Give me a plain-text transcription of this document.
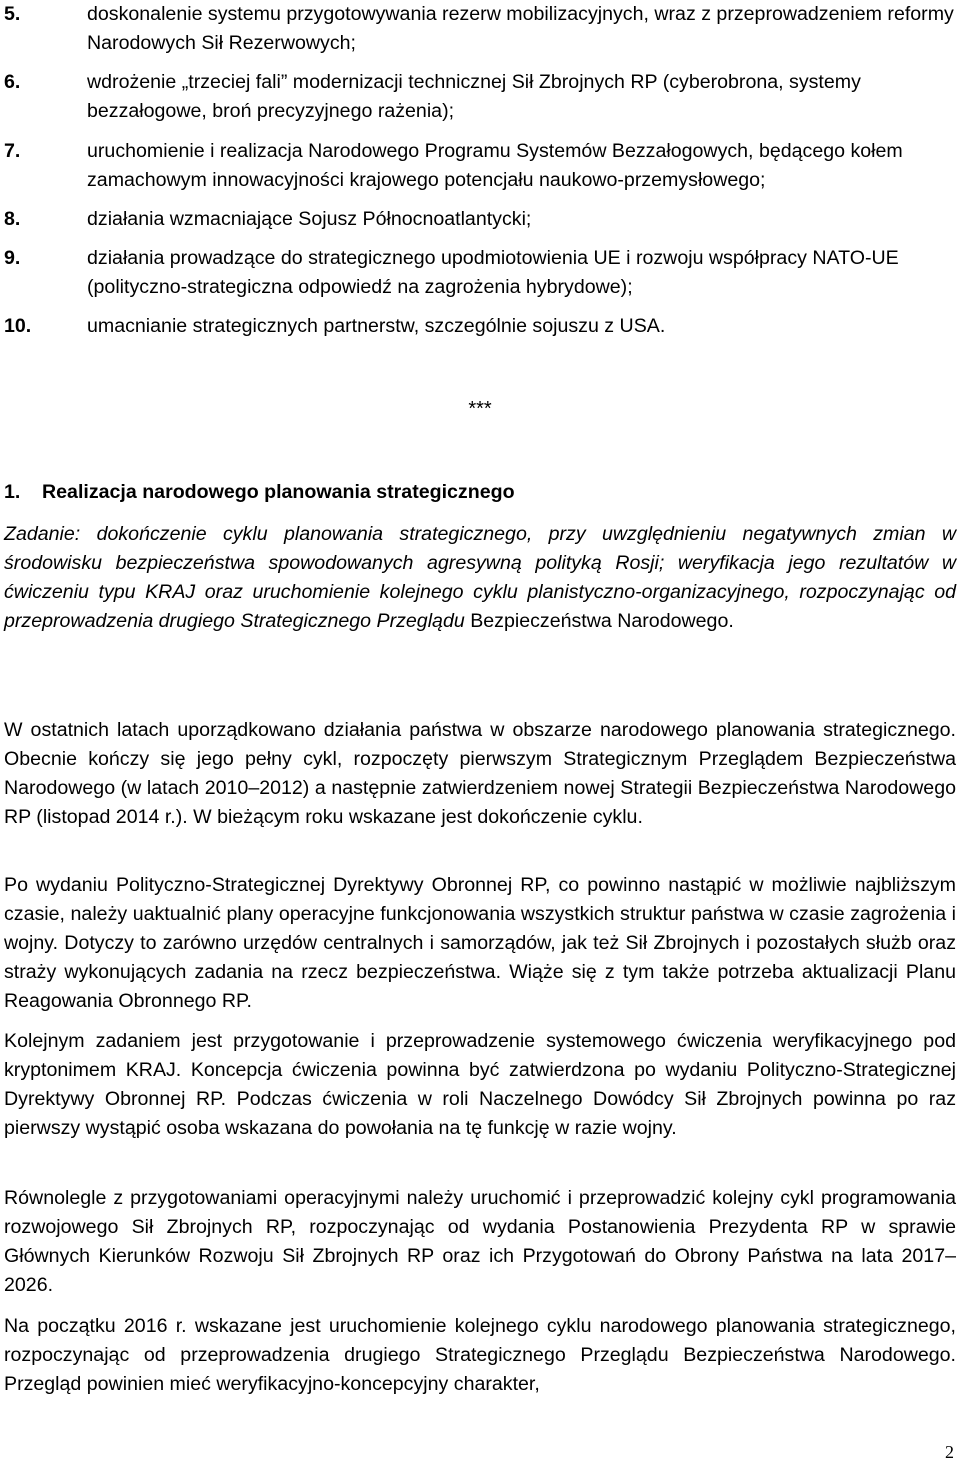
5.	doskonalenie systemu przygotowywania rezerw mobilizacyjnych, wraz z przeprowadzeniem reformy Narodowych Sił Rezerwowych;
6.	wdrożenie „trzeciej fali” modernizacji technicznej Sił Zbrojnych RP (cyberobrona, systemy bezzałogowe, broń precyzyjnego rażenia);
7.	uruchomienie i realizacja Narodowego Programu Systemów Bezzałogowych, będącego kołem zamachowym innowacyjności krajowego potencjału naukowo-przemysłowego;
8.	działania wzmacniające Sojusz Północnoatlantycki;
9.	działania prowadzące do strategicznego upodmiotowienia UE i rozwoju współpracy NATO-UE (polityczno-strategiczna odpowiedź na zagrożenia hybrydowe);
10.	umacnianie strategicznych partnerstw, szczególnie sojuszu z USA.
***
1. Realizacja narodowego planowania strategicznego

Zadanie: dokończenie cyklu planowania strategicznego, przy uwzględnieniu negatywnych zmian w środowisku bezpieczeństwa spowodowanych agresywną polityką Rosji; weryfikacja jego rezultatów w ćwiczeniu typu KRAJ oraz uruchomienie kolejnego cyklu planistyczno-organizacyjnego, rozpoczynając od przeprowadzenia drugiego Strategicznego Przeglądu Bezpieczeństwa Narodowego.

W ostatnich latach uporządkowano działania państwa w obszarze narodowego planowania strategicznego. Obecnie kończy się jego pełny cykl, rozpoczęty pierwszym Strategicznym Przeglądem Bezpieczeństwa Narodowego (w latach 2010–2012) a następnie zatwierdzeniem nowej Strategii Bezpieczeństwa Narodowego RP (listopad 2014 r.). W bieżącym roku wskazane jest dokończenie cyklu.

Po wydaniu Polityczno-Strategicznej Dyrektywy Obronnej RP, co powinno nastąpić w możliwie najbliższym czasie, należy uaktualnić plany operacyjne funkcjonowania wszystkich struktur państwa w czasie zagrożenia i wojny. Dotyczy to zarówno urzędów centralnych i samorządów, jak też Sił Zbrojnych i pozostałych służb oraz straży wykonujących zadania na rzecz bezpieczeństwa. Wiąże się z tym także potrzeba aktualizacji Planu Reagowania Obronnego RP.

Kolejnym zadaniem jest przygotowanie i przeprowadzenie systemowego ćwiczenia weryfikacyjnego pod kryptonimem KRAJ. Koncepcja ćwiczenia powinna być zatwierdzona po wydaniu Polityczno-Strategicznej Dyrektywy Obronnej RP. Podczas ćwiczenia w roli Naczelnego Dowódcy Sił Zbrojnych powinna po raz pierwszy wystąpić osoba wskazana do powołania na tę funkcję w razie wojny.

Równolegle z przygotowaniami operacyjnymi należy uruchomić i przeprowadzić kolejny cykl programowania rozwojowego Sił Zbrojnych RP, rozpoczynając od wydania Postanowienia Prezydenta RP w sprawie Głównych Kierunków Rozwoju Sił Zbrojnych RP oraz ich Przygotowań do Obrony Państwa na lata 2017–2026.

Na początku 2016 r. wskazane jest uruchomienie kolejnego cyklu narodowego planowania strategicznego, rozpoczynając od przeprowadzenia drugiego Strategicznego Przeglądu Bezpieczeństwa Narodowego. Przegląd powinien mieć weryfikacyjno-koncepcyjny charakter,

2
